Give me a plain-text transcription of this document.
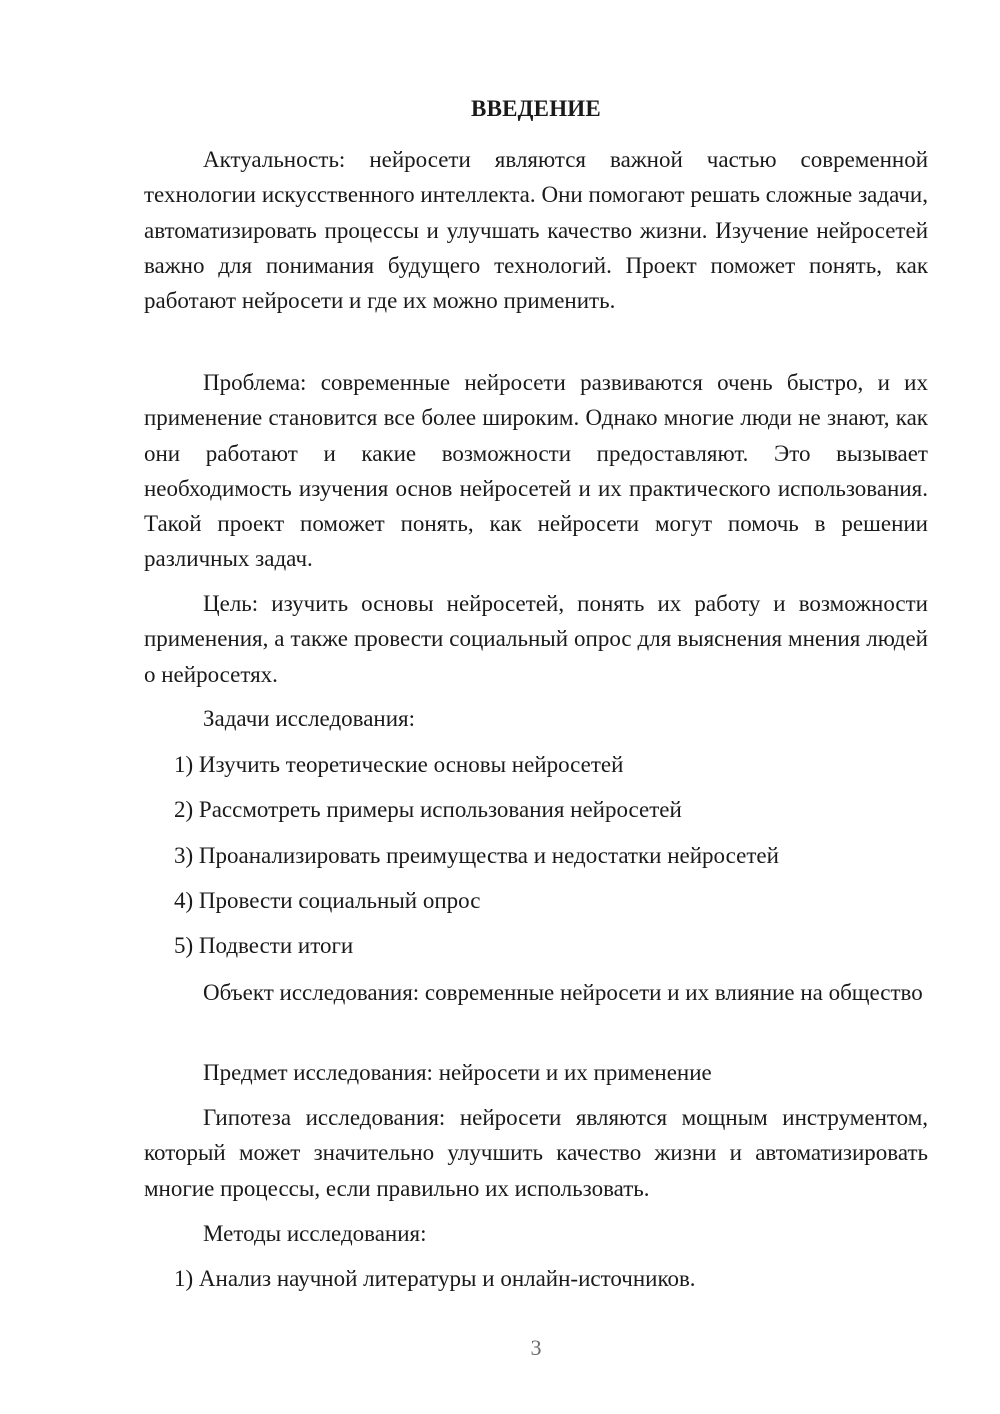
ВВЕДЕНИЕ

Актуальность: нейросети являются важной частью современной технологии искусственного интеллекта. Они помогают решать сложные задачи, автоматизировать процессы и улучшать качество жизни. Изучение нейросетей важно для понимания будущего технологий. Проект поможет понять, как работают нейросети и где их можно применить.

Проблема: современные нейросети развиваются очень быстро, и их применение становится все более широким. Однако многие люди не знают, как они работают и какие возможности предоставляют. Это вызывает необходимость изучения основ нейросетей и их практического использования. Такой проект поможет понять, как нейросети могут помочь в решении различных задач.

Цель: изучить основы нейросетей, понять их работу и возможности применения, а также провести социальный опрос для выяснения мнения людей о нейросетях.

Задачи исследования:

1) Изучить теоретические основы нейросетей

2) Рассмотреть примеры использования нейросетей

3) Проанализировать преимущества и недостатки нейросетей

4) Провести социальный опрос

5) Подвести итоги

Объект исследования: современные нейросети и их влияние на общество

Предмет исследования: нейросети и их применение

Гипотеза исследования: нейросети являются мощным инструментом, который может значительно улучшить качество жизни и автоматизировать многие процессы, если правильно их использовать.

Методы исследования:

1) Анализ научной литературы и онлайн-источников.

3
